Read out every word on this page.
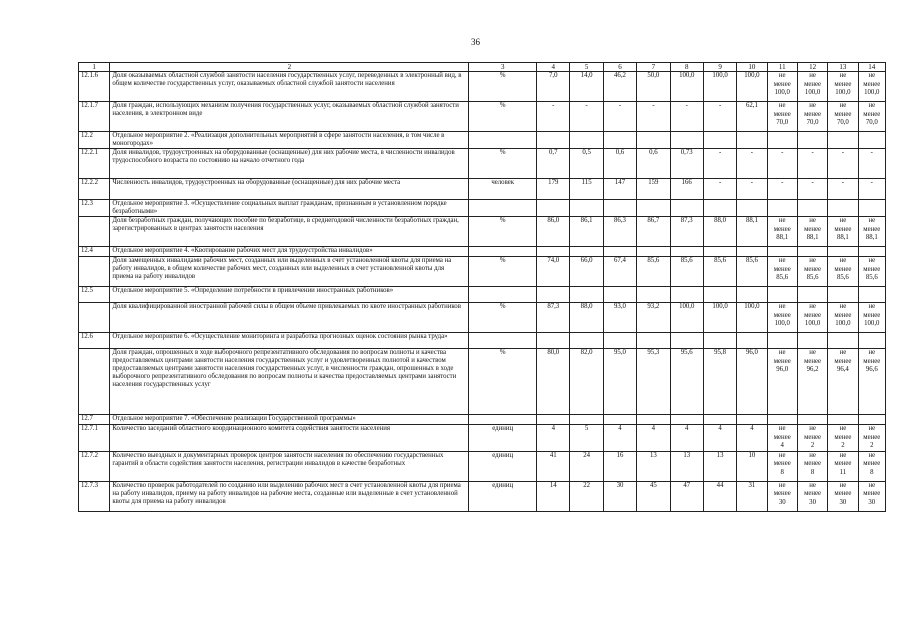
36
1	2	3	4	5	6	7	8	9	10	11	12	13	14
12.1.6	Доля оказываемых областной службой занятости населения государственных услуг, переведенных в электронный вид, в общем количестве государственных услуг, оказываемых областной службой занятости населения	%	7,0	14,0	46,2	50,0	100,0	100,0	100,0	не менее 100,0	не менее 100,0	не менее 100,0	не менее 100,0
12.1.7	Доля граждан, использующих механизм получения государственных услуг, оказываемых областной службой занятости населения, в электронном виде	%	-	-	-	-	-	-	62,1	не менее 70,0	не менее 70,0	не менее 70,0	не менее 70,0
12.2	Отдельное мероприятие 2. «Реализация дополнительных мероприятий в сфере занятости населения, в том числе в моногородах»												
12.2.1	Доля инвалидов, трудоустроенных на оборудованные (оснащенные) для них рабочие места, в численности инвалидов трудоспособного возраста по состоянию на начало отчетного года	%	0,7	0,5	0,6	0,6	0,73	-	-	-	-	-	-
12.2.2	Численность инвалидов, трудоустроенных на оборудованные (оснащенные) для них рабочие места	человек	179	115	147	159	166	-	-	-	-	-	-
12.3	Отдельное мероприятие 3. «Осуществление социальных выплат гражданам, признанным в установленном порядке безработными»												
	Доля безработных граждан, получающих пособие по безработице, в среднегодовой численности безработных граждан, зарегистрированных в центрах занятости населения	%	86,0	86,1	86,3	86,7	87,3	88,0	88,1	не менее 88,1	не менее 88,1	не менее 88,1	не менее 88,1
12.4	Отдельное мероприятие 4. «Квотирование рабочих мест для трудоустройства инвалидов»												
	Доля замещенных инвалидами рабочих мест, созданных или выделенных в счет установленной квоты для приема на работу инвалидов, в общем количестве рабочих мест, созданных или выделенных в счет установленной квоты для приема на работу инвалидов	%	74,0	66,0	67,4	85,6	85,6	85,6	85,6	не менее 85,6	не менее 85,6	не менее 85,6	не менее 85,6
12.5	Отдельное мероприятие 5. «Определение потребности в привлечении иностранных работников»												
	Доля квалифицированной иностранной рабочей силы в общем объеме привлекаемых по квоте иностранных работников	%	87,3	88,0	93,0	93,2	100,0	100,0	100,0	не менее 100,0	не менее 100,0	не менее 100,0	не менее 100,0
12.6	Отдельное мероприятие 6. «Осуществление мониторинга и разработка прогнозных оценок состояния рынка труда»												
	Доля граждан, опрошенных в ходе выборочного репрезентативного обследования по вопросам полноты и качества предоставляемых центрами занятости населения государственных услуг и удовлетворенных полнотой и качеством предоставляемых центрами занятости населения государственных услуг, в численности граждан, опрошенных в ходе выборочного репрезентативного обследования по вопросам полноты и качества предоставляемых центрами занятости населения государственных услуг	%	80,0	82,0	95,0	95,3	95,6	95,8	96,0	не менее 96,0	не менее 96,2	не менее 96,4	не менее 96,6
12.7	Отдельное мероприятие 7. «Обеспечение реализации Государственной программы»												
12.7.1	Количество заседаний областного координационного комитета содействия занятости населения	единиц	4	5	4	4	4	4	4	не менее 4	не менее 2	не менее 2	не менее 2
12.7.2	Количество выездных и документарных проверок центров занятости населения по обеспечению государственных гарантий в области содействия занятости населения, регистрации инвалидов в качестве безработных	единиц	41	24	16	13	13	13	10	не менее 8	не менее 8	не менее 11	не менее 8
12.7.3	Количество проверок работодателей по созданию или выделению рабочих мест в счет установленной квоты для приема на работу инвалидов, приему на работу инвалидов на рабочие места, созданные или выделенные в счет установленной квоты для приема на работу инвалидов	единиц	14	22	30	45	47	44	31	не менее 30	не менее 30	не менее 30	не менее 30
